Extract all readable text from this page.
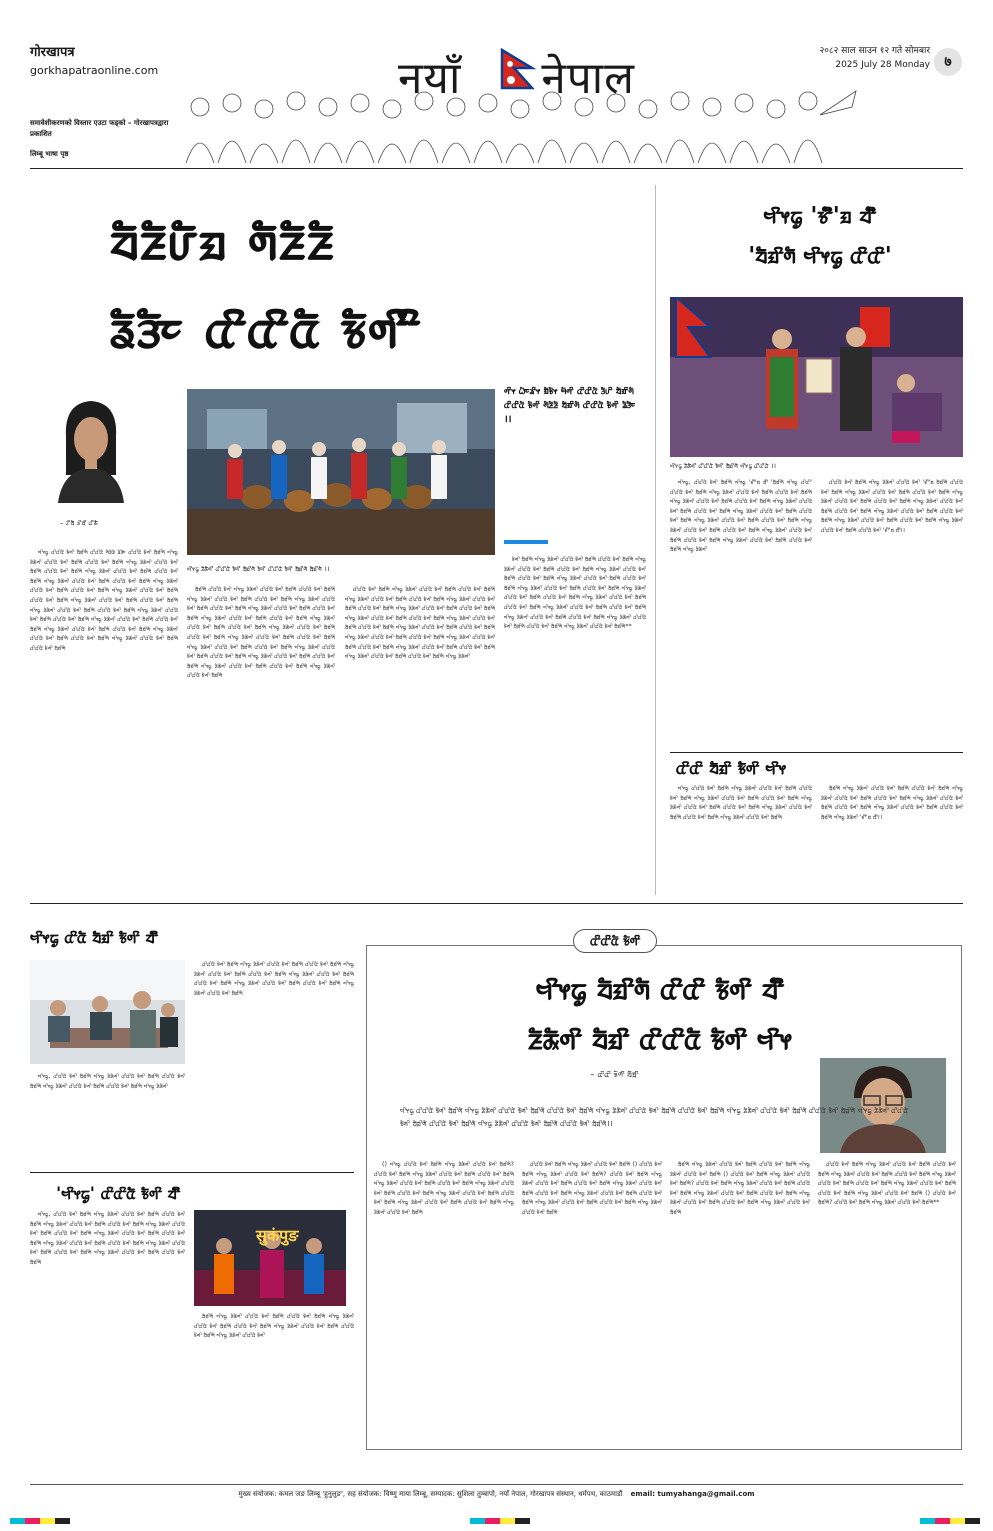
गोरखापत्र
gorkhapatraonline.com
समावेशीकरणको विस्तार एउटा फड्को – गोरखापत्रद्वारा प्रकाशित
लिम्बू भाषा पृष्ठ
नयाँ नेपाल
२०८२ साल साउन १२ गते सोमबार
2025 July 28 Monday	७
ᤔᤠᤏᤠᤙᤠᤀ ᤛᤠᤏᤠᤏᤠ
ᤕᤠᤋᤠᤰ ᤂᤡᤂᤡᤂᤠ ᤃᤠᤛᤡᤡ
– ᤁᤡᤔᤠ ᤍᤡᤔᤡ ᤂᤡᤊᤠ
ᤗᤡᤶᤒᤢ ᤏᤠᤊᤠᤛᤡ ᤂᤡᤂᤡᤂᤠ ᤃᤠᤛᤡ ᤔᤠᤀᤡᤛᤠ ᤃᤠᤛᤡ ᤂᤡᤂᤡᤂᤠ ᤃᤠᤛᤡ ᤔᤠᤀᤡᤛᤠ ᤔᤠᤀᤡᤛᤠ ।।
ᤛᤡᤶ ᤐᤠᤰᤕᤡᤶ ᤀᤠᤃᤠᤶ ᤗᤠᤛᤡ ᤂᤡᤂᤡᤂᤠ ᤋᤠᤙᤡ ᤔᤠᤀᤡᤛᤠ ᤂᤡᤂᤡᤂᤠ ᤃᤠᤛᤡ ᤛᤠᤏᤠᤏᤠ ᤔᤠᤀᤡᤛᤠ ᤂᤡᤂᤡᤂᤠ ᤃᤠᤛᤡ ᤕᤠᤋᤠᤰ ।।

ᤗᤡᤶᤒᤢ ᤂᤡᤂᤡᤂᤠ ᤃᤠᤛᤡ ᤔᤠᤀᤡᤛᤠ ᤂᤡᤂᤡᤂᤠ ᤛᤠᤏᤠᤏᤠ ᤕᤠᤋᤠᤰ ᤂᤡᤂᤡᤂᤠ ᤃᤠᤛᤡ ᤔᤠᤀᤡᤛᤠ ᤗᤡᤶᤒᤢ ᤏᤠᤊᤠᤛᤡ ᤂᤡᤂᤡᤂᤠ ᤃᤠᤛᤡ ᤔᤠᤀᤡᤛᤠ ᤂᤡᤂᤡᤂᤠ ᤃᤠᤛᤡ ᤔᤠᤀᤡᤛᤠ ᤗᤡᤶᤒᤢ ᤏᤠᤊᤠᤛᤡ ᤂᤡᤂᤡᤂᤠ ᤃᤠᤛᤡ ᤔᤠᤀᤡᤛᤠ ᤂᤡᤂᤡᤂᤠ ᤃᤠᤛᤡ ᤔᤠᤀᤡᤛᤠ ᤗᤡᤶᤒᤢ ᤏᤠᤊᤠᤛᤡ ᤂᤡᤂᤡᤂᤠ ᤃᤠᤛᤡ ᤔᤠᤀᤡᤛᤠ ᤂᤡᤂᤡᤂᤠ ᤃᤠᤛᤡ ᤔᤠᤀᤡᤛᤠ ᤗᤡᤶᤒᤢ ᤏᤠᤊᤠᤛᤡ ᤂᤡᤂᤡᤂᤠ ᤃᤠᤛᤡ ᤔᤠᤀᤡᤛᤠ ᤂᤡᤂᤡᤂᤠ ᤃᤠᤛᤡ ᤔᤠᤀᤡᤛᤠ ᤗᤡᤶᤒᤢ ᤏᤠᤊᤠᤛᤡ ᤂᤡᤂᤡᤂᤠ ᤃᤠᤛᤡ ᤔᤠᤀᤡᤛᤠ ᤂᤡᤂᤡᤂᤠ ᤃᤠᤛᤡ ᤔᤠᤀᤡᤛᤠ ᤗᤡᤶᤒᤢ ᤏᤠᤊᤠᤛᤡ ᤂᤡᤂᤡᤂᤠ ᤃᤠᤛᤡ ᤔᤠᤀᤡᤛᤠ ᤂᤡᤂᤡᤂᤠ ᤃᤠᤛᤡ ᤔᤠᤀᤡᤛᤠ ᤗᤡᤶᤒᤢ ᤏᤠᤊᤠᤛᤡ ᤂᤡᤂᤡᤂᤠ ᤃᤠᤛᤡ ᤔᤠᤀᤡᤛᤠ ᤂᤡᤂᤡᤂᤠ ᤃᤠᤛᤡ ᤔᤠᤀᤡᤛᤠ ᤗᤡᤶᤒᤢ ᤏᤠᤊᤠᤛᤡ ᤂᤡᤂᤡᤂᤠ ᤃᤠᤛᤡ ᤔᤠᤀᤡᤛᤠ ᤂᤡᤂᤡᤂᤠ ᤃᤠᤛᤡ ᤔᤠᤀᤡᤛᤠ ᤗᤡᤶᤒᤢ ᤏᤠᤊᤠᤛᤡ ᤂᤡᤂᤡᤂᤠ ᤃᤠᤛᤡ ᤔᤠᤀᤡᤛᤠ ᤂᤡᤂᤡᤂᤠ ᤃᤠᤛᤡ ᤔᤠᤀᤡᤛᤠ ᤗᤡᤶᤒᤢ ᤏᤠᤊᤠᤛᤡ ᤂᤡᤂᤡᤂᤠ ᤃᤠᤛᤡ ᤔᤠᤀᤡᤛᤠ ᤂᤡᤂᤡᤂᤠ ᤃᤠᤛᤡ ᤔᤠᤀᤡᤛᤠ ᤗᤡᤶᤒᤢ ᤏᤠᤊᤠᤛᤡ ᤂᤡᤂᤡᤂᤠ ᤃᤠᤛᤡ ᤔᤠᤀᤡᤛᤠ ᤂᤡᤂᤡᤂᤠ ᤃᤠᤛᤡ ᤔᤠᤀᤡᤛᤠ ᤗᤡᤶᤒᤢ ᤏᤠᤊᤠᤛᤡ ᤂᤡᤂᤡᤂᤠ ᤃᤠᤛᤡ ᤔᤠᤀᤡᤛᤠ ᤂᤡᤂᤡᤂᤠ ᤃᤠᤛᤡ ᤔᤠᤀᤡᤛᤠ ᤗᤡᤶᤒᤢ ᤏᤠᤊᤠᤛᤡ ᤂᤡᤂᤡᤂᤠ ᤃᤠᤛᤡ ᤔᤠᤀᤡᤛᤠ ᤂᤡᤂᤡᤂᤠ ᤃᤠᤛᤡ ᤔᤠᤀᤡᤛᤠ

ᤔᤠᤀᤡᤛᤠ ᤂᤡᤂᤡᤂᤠ ᤃᤠᤛᤡ ᤗᤡᤶᤒᤢ ᤏᤠᤊᤠᤛᤡ ᤂᤡᤂᤡᤂᤠ ᤃᤠᤛᤡ ᤔᤠᤀᤡᤛᤠ ᤂᤡᤂᤡᤂᤠ ᤃᤠᤛᤡ ᤔᤠᤀᤡᤛᤠ ᤗᤡᤶᤒᤢ ᤏᤠᤊᤠᤛᤡ ᤂᤡᤂᤡᤂᤠ ᤃᤠᤛᤡ ᤔᤠᤀᤡᤛᤠ ᤂᤡᤂᤡᤂᤠ ᤃᤠᤛᤡ ᤔᤠᤀᤡᤛᤠ ᤗᤡᤶᤒᤢ ᤏᤠᤊᤠᤛᤡ ᤂᤡᤂᤡᤂᤠ ᤃᤠᤛᤡ ᤔᤠᤀᤡᤛᤠ ᤂᤡᤂᤡᤂᤠ ᤃᤠᤛᤡ ᤔᤠᤀᤡᤛᤠ ᤗᤡᤶᤒᤢ ᤏᤠᤊᤠᤛᤡ ᤂᤡᤂᤡᤂᤠ ᤃᤠᤛᤡ ᤔᤠᤀᤡᤛᤠ ᤂᤡᤂᤡᤂᤠ ᤃᤠᤛᤡ ᤔᤠᤀᤡᤛᤠ ᤗᤡᤶᤒᤢ ᤏᤠᤊᤠᤛᤡ ᤂᤡᤂᤡᤂᤠ ᤃᤠᤛᤡ ᤔᤠᤀᤡᤛᤠ ᤂᤡᤂᤡᤂᤠ ᤃᤠᤛᤡ ᤔᤠᤀᤡᤛᤠ ᤗᤡᤶᤒᤢ ᤏᤠᤊᤠᤛᤡ ᤂᤡᤂᤡᤂᤠ ᤃᤠᤛᤡ ᤔᤠᤀᤡᤛᤠ ᤂᤡᤂᤡᤂᤠ ᤃᤠᤛᤡ ᤔᤠᤀᤡᤛᤠ ᤗᤡᤶᤒᤢ ᤏᤠᤊᤠᤛᤡ ᤂᤡᤂᤡᤂᤠ ᤃᤠᤛᤡ ᤔᤠᤀᤡᤛᤠ ᤂᤡᤂᤡᤂᤠ ᤃᤠᤛᤡ ᤔᤠᤀᤡᤛᤠ ᤗᤡᤶᤒᤢ ᤏᤠᤊᤠᤛᤡ ᤂᤡᤂᤡᤂᤠ ᤃᤠᤛᤡ ᤔᤠᤀᤡᤛᤠ ᤂᤡᤂᤡᤂᤠ ᤃᤠᤛᤡ ᤔᤠᤀᤡᤛᤠ ᤗᤡᤶᤒᤢ ᤏᤠᤊᤠᤛᤡ ᤂᤡᤂᤡᤂᤠ ᤃᤠᤛᤡ ᤔᤠᤀᤡᤛᤠ ᤂᤡᤂᤡᤂᤠ ᤃᤠᤛᤡ ᤔᤠᤀᤡᤛᤠ ᤗᤡᤶᤒᤢ ᤏᤠᤊᤠᤛᤡ ᤂᤡᤂᤡᤂᤠ ᤃᤠᤛᤡ ᤔᤠᤀᤡᤛᤠ ᤂᤡᤂᤡᤂᤠ ᤃᤠᤛᤡ ᤔᤠᤀᤡᤛᤠ ᤗᤡᤶᤒᤢ ᤏᤠᤊᤠᤛᤡ ᤂᤡᤂᤡᤂᤠ ᤃᤠᤛᤡ ᤔᤠᤀᤡᤛᤠ ᤂᤡᤂᤡᤂᤠ ᤃᤠᤛᤡ ᤔᤠᤀᤡᤛᤠ ᤗᤡᤶᤒᤢ ᤏᤠᤊᤠᤛᤡ ᤂᤡᤂᤡᤂᤠ ᤃᤠᤛᤡ ᤔᤠᤀᤡᤛᤠ ᤂᤡᤂᤡᤂᤠ ᤃᤠᤛᤡ ᤔᤠᤀᤡᤛᤠ ᤗᤡᤶᤒᤢ ᤏᤠᤊᤠᤛᤡ ᤂᤡᤂᤡᤂᤠ ᤃᤠᤛᤡ ᤔᤠᤀᤡᤛᤠ

ᤂᤡᤂᤡᤂᤠ ᤃᤠᤛᤡ ᤔᤠᤀᤡᤛᤠ ᤗᤡᤶᤒᤢ ᤏᤠᤊᤠᤛᤡ ᤂᤡᤂᤡᤂᤠ ᤃᤠᤛᤡ ᤔᤠᤀᤡᤛᤠ ᤂᤡᤂᤡᤂᤠ ᤃᤠᤛᤡ ᤔᤠᤀᤡᤛᤠ ᤗᤡᤶᤒᤢ ᤏᤠᤊᤠᤛᤡ ᤂᤡᤂᤡᤂᤠ ᤃᤠᤛᤡ ᤔᤠᤀᤡᤛᤠ ᤂᤡᤂᤡᤂᤠ ᤃᤠᤛᤡ ᤔᤠᤀᤡᤛᤠ ᤗᤡᤶᤒᤢ ᤏᤠᤊᤠᤛᤡ ᤂᤡᤂᤡᤂᤠ ᤃᤠᤛᤡ ᤔᤠᤀᤡᤛᤠ ᤂᤡᤂᤡᤂᤠ ᤃᤠᤛᤡ ᤔᤠᤀᤡᤛᤠ ᤗᤡᤶᤒᤢ ᤏᤠᤊᤠᤛᤡ ᤂᤡᤂᤡᤂᤠ ᤃᤠᤛᤡ ᤔᤠᤀᤡᤛᤠ ᤂᤡᤂᤡᤂᤠ ᤃᤠᤛᤡ ᤔᤠᤀᤡᤛᤠ ᤗᤡᤶᤒᤢ ᤏᤠᤊᤠᤛᤡ ᤂᤡᤂᤡᤂᤠ ᤃᤠᤛᤡ ᤔᤠᤀᤡᤛᤠ ᤂᤡᤂᤡᤂᤠ ᤃᤠᤛᤡ ᤔᤠᤀᤡᤛᤠ ᤗᤡᤶᤒᤢ ᤏᤠᤊᤠᤛᤡ ᤂᤡᤂᤡᤂᤠ ᤃᤠᤛᤡ ᤔᤠᤀᤡᤛᤠ ᤂᤡᤂᤡᤂᤠ ᤃᤠᤛᤡ ᤔᤠᤀᤡᤛᤠ ᤗᤡᤶᤒᤢ ᤏᤠᤊᤠᤛᤡ ᤂᤡᤂᤡᤂᤠ ᤃᤠᤛᤡ ᤔᤠᤀᤡᤛᤠ ᤂᤡᤂᤡᤂᤠ ᤃᤠᤛᤡ ᤔᤠᤀᤡᤛᤠ ᤗᤡᤶᤒᤢ ᤏᤠᤊᤠᤛᤡ ᤂᤡᤂᤡᤂᤠ ᤃᤠᤛᤡ ᤔᤠᤀᤡᤛᤠ ᤂᤡᤂᤡᤂᤠ ᤃᤠᤛᤡ ᤔᤠᤀᤡᤛᤠ ᤗᤡᤶᤒᤢ ᤏᤠᤊᤠᤛᤡ ᤂᤡᤂᤡᤂᤠ ᤃᤠᤛᤡ ᤔᤠᤀᤡᤛᤠ ᤂᤡᤂᤡᤂᤠ ᤃᤠᤛᤡ ᤔᤠᤀᤡᤛᤠ ᤗᤡᤶᤒᤢ ᤏᤠᤊᤠᤛᤡ ᤂᤡᤂᤡᤂᤠ ᤃᤠᤛᤡ ᤔᤠᤀᤡᤛᤠ ᤂᤡᤂᤡᤂᤠ ᤃᤠᤛᤡ ᤔᤠᤀᤡᤛᤠ ᤗᤡᤶᤒᤢ ᤏᤠᤊᤠᤛᤡ ᤂᤡᤂᤡᤂᤠ ᤃᤠᤛᤡ ᤔᤠᤀᤡᤛᤠ ᤂᤡᤂᤡᤂᤠ ᤃᤠᤛᤡ ᤔᤠᤀᤡᤛᤠ ᤗᤡᤶᤒᤢ ᤏᤠᤊᤠᤛᤡ

ᤃᤠᤛᤡ ᤔᤠᤀᤡᤛᤠ ᤗᤡᤶᤒᤢ ᤏᤠᤊᤠᤛᤡ ᤂᤡᤂᤡᤂᤠ ᤃᤠᤛᤡ ᤔᤠᤀᤡᤛᤠ ᤂᤡᤂᤡᤂᤠ ᤃᤠᤛᤡ ᤔᤠᤀᤡᤛᤠ ᤗᤡᤶᤒᤢ ᤏᤠᤊᤠᤛᤡ ᤂᤡᤂᤡᤂᤠ ᤃᤠᤛᤡ ᤔᤠᤀᤡᤛᤠ ᤂᤡᤂᤡᤂᤠ ᤃᤠᤛᤡ ᤔᤠᤀᤡᤛᤠ ᤗᤡᤶᤒᤢ ᤏᤠᤊᤠᤛᤡ ᤂᤡᤂᤡᤂᤠ ᤃᤠᤛᤡ ᤔᤠᤀᤡᤛᤠ ᤂᤡᤂᤡᤂᤠ ᤃᤠᤛᤡ ᤔᤠᤀᤡᤛᤠ ᤗᤡᤶᤒᤢ ᤏᤠᤊᤠᤛᤡ ᤂᤡᤂᤡᤂᤠ ᤃᤠᤛᤡ ᤔᤠᤀᤡᤛᤠ ᤂᤡᤂᤡᤂᤠ ᤃᤠᤛᤡ ᤔᤠᤀᤡᤛᤠ ᤗᤡᤶᤒᤢ ᤏᤠᤊᤠᤛᤡ ᤂᤡᤂᤡᤂᤠ ᤃᤠᤛᤡ ᤔᤠᤀᤡᤛᤠ ᤂᤡᤂᤡᤂᤠ ᤃᤠᤛᤡ ᤔᤠᤀᤡᤛᤠ ᤗᤡᤶᤒᤢ ᤏᤠᤊᤠᤛᤡ ᤂᤡᤂᤡᤂᤠ ᤃᤠᤛᤡ ᤔᤠᤀᤡᤛᤠ ᤂᤡᤂᤡᤂᤠ ᤃᤠᤛᤡ ᤔᤠᤀᤡᤛᤠ ᤗᤡᤶᤒᤢ ᤏᤠᤊᤠᤛᤡ ᤂᤡᤂᤡᤂᤠ ᤃᤠᤛᤡ ᤔᤠᤀᤡᤛᤠ ᤂᤡᤂᤡᤂᤠ ᤃᤠᤛᤡ ᤔᤠᤀᤡᤛᤠ ᤗᤡᤶᤒᤢ ᤏᤠᤊᤠᤛᤡ ᤂᤡᤂᤡᤂᤠ ᤃᤠᤛᤡ ᤔᤠᤀᤡᤛᤠ ᤂᤡᤂᤡᤂᤠ ᤃᤠᤛᤡ ᤔᤠᤀᤡᤛᤠ ᤗᤡᤶᤒᤢ ᤏᤠᤊᤠᤛᤡ ᤂᤡᤂᤡᤂᤠ ᤃᤠᤛᤡ ᤔᤠᤀᤡᤛᤠ ᤂᤡᤂᤡᤂᤠ ᤃᤠᤛᤡ ᤔᤠᤀᤡᤛᤠ ᤗᤡᤶᤒᤢ ᤏᤠᤊᤠᤛᤡ ᤂᤡᤂᤡᤂᤠ ᤃᤠᤛᤡ ᤔᤠᤀᤡᤛᤠ ᤂᤡᤂᤡᤂᤠ ᤃᤠᤛᤡ ᤔᤠᤀᤡᤛᤠ ᤗᤡᤶᤒᤢ ᤏᤠᤊᤠᤛᤡ ᤂᤡᤂᤡᤂᤠ ᤃᤠᤛᤡ ᤔᤠᤀᤡᤛᤠ**

ᤗᤡᤶᤒᤢ 'ᤃᤡᤠ'ᤀ ᤔᤡᤠ
'ᤔᤠᤀᤡᤛᤠ ᤗᤡᤶᤒᤢ ᤂᤡᤂᤡ'
ᤗᤡᤶᤒᤢ ᤏᤠᤊᤠᤛᤡ ᤂᤡᤂᤡᤂᤠ ᤃᤠᤛᤡ ᤔᤠᤀᤡᤛᤠ ᤗᤡᤶᤒᤢ ᤂᤡᤂᤡᤂᤠ ।।

ᤗᤡᤶᤒᤢ, ᤂᤡᤂᤡᤂᤠ ᤃᤠᤛᤡ ᤔᤠᤀᤡᤛᤠ ᤗᤡᤶᤒᤢ 'ᤃᤡᤠ'ᤀ ᤔᤡᤠ 'ᤔᤠᤀᤡᤛᤠ ᤗᤡᤶᤒᤢ ᤂᤡᤂᤡ' ᤂᤡᤂᤡᤂᤠ ᤃᤠᤛᤡ ᤔᤠᤀᤡᤛᤠ ᤗᤡᤶᤒᤢ ᤏᤠᤊᤠᤛᤡ ᤂᤡᤂᤡᤂᤠ ᤃᤠᤛᤡ ᤔᤠᤀᤡᤛᤠ ᤂᤡᤂᤡᤂᤠ ᤃᤠᤛᤡ ᤔᤠᤀᤡᤛᤠ ᤗᤡᤶᤒᤢ ᤏᤠᤊᤠᤛᤡ ᤂᤡᤂᤡᤂᤠ ᤃᤠᤛᤡ ᤔᤠᤀᤡᤛᤠ ᤂᤡᤂᤡᤂᤠ ᤃᤠᤛᤡ ᤔᤠᤀᤡᤛᤠ ᤗᤡᤶᤒᤢ ᤏᤠᤊᤠᤛᤡ ᤂᤡᤂᤡᤂᤠ ᤃᤠᤛᤡ ᤔᤠᤀᤡᤛᤠ ᤂᤡᤂᤡᤂᤠ ᤃᤠᤛᤡ ᤔᤠᤀᤡᤛᤠ ᤗᤡᤶᤒᤢ ᤏᤠᤊᤠᤛᤡ ᤂᤡᤂᤡᤂᤠ ᤃᤠᤛᤡ ᤔᤠᤀᤡᤛᤠ ᤂᤡᤂᤡᤂᤠ ᤃᤠᤛᤡ ᤔᤠᤀᤡᤛᤠ ᤗᤡᤶᤒᤢ ᤏᤠᤊᤠᤛᤡ ᤂᤡᤂᤡᤂᤠ ᤃᤠᤛᤡ ᤔᤠᤀᤡᤛᤠ ᤂᤡᤂᤡᤂᤠ ᤃᤠᤛᤡ ᤔᤠᤀᤡᤛᤠ ᤗᤡᤶᤒᤢ ᤏᤠᤊᤠᤛᤡ ᤂᤡᤂᤡᤂᤠ ᤃᤠᤛᤡ ᤔᤠᤀᤡᤛᤠ ᤂᤡᤂᤡᤂᤠ ᤃᤠᤛᤡ ᤔᤠᤀᤡᤛᤠ ᤗᤡᤶᤒᤢ ᤏᤠᤊᤠᤛᤡ ᤂᤡᤂᤡᤂᤠ ᤃᤠᤛᤡ ᤔᤠᤀᤡᤛᤠ ᤂᤡᤂᤡᤂᤠ ᤃᤠᤛᤡ ᤔᤠᤀᤡᤛᤠ ᤗᤡᤶᤒᤢ ᤏᤠᤊᤠᤛᤡ ᤂᤡᤂᤡᤂᤠ ᤃᤠᤛᤡ ᤔᤠᤀᤡᤛᤠ ᤂᤡᤂᤡᤂᤠ ᤃᤠᤛᤡ ᤔᤠᤀᤡᤛᤠ ᤗᤡᤶᤒᤢ ᤏᤠᤊᤠᤛᤡ

ᤂᤡᤂᤡᤂᤠ ᤃᤠᤛᤡ ᤔᤠᤀᤡᤛᤠ ᤗᤡᤶᤒᤢ ᤏᤠᤊᤠᤛᤡ ᤂᤡᤂᤡᤂᤠ ᤃᤠᤛᤡ 'ᤃᤡᤠ'ᤀ ᤔᤠᤀᤡᤛᤠ ᤂᤡᤂᤡᤂᤠ ᤃᤠᤛᤡ ᤔᤠᤀᤡᤛᤠ ᤗᤡᤶᤒᤢ ᤏᤠᤊᤠᤛᤡ ᤂᤡᤂᤡᤂᤠ ᤃᤠᤛᤡ ᤔᤠᤀᤡᤛᤠ ᤂᤡᤂᤡᤂᤠ ᤃᤠᤛᤡ ᤔᤠᤀᤡᤛᤠ ᤗᤡᤶᤒᤢ ᤏᤠᤊᤠᤛᤡ ᤂᤡᤂᤡᤂᤠ ᤃᤠᤛᤡ ᤔᤠᤀᤡᤛᤠ ᤂᤡᤂᤡᤂᤠ ᤃᤠᤛᤡ ᤔᤠᤀᤡᤛᤠ ᤗᤡᤶᤒᤢ ᤏᤠᤊᤠᤛᤡ ᤂᤡᤂᤡᤂᤠ ᤃᤠᤛᤡ ᤔᤠᤀᤡᤛᤠ ᤂᤡᤂᤡᤂᤠ ᤃᤠᤛᤡ ᤔᤠᤀᤡᤛᤠ ᤗᤡᤶᤒᤢ ᤏᤠᤊᤠᤛᤡ ᤂᤡᤂᤡᤂᤠ ᤃᤠᤛᤡ ᤔᤠᤀᤡᤛᤠ ᤂᤡᤂᤡᤂᤠ ᤃᤠᤛᤡ ᤔᤠᤀᤡᤛᤠ ᤗᤡᤶᤒᤢ ᤏᤠᤊᤠᤛᤡ ᤂᤡᤂᤡᤂᤠ ᤃᤠᤛᤡ ᤔᤠᤀᤡᤛᤠ ᤂᤡᤂᤡᤂᤠ ᤃᤠᤛᤡ ᤔᤠᤀᤡᤛᤠ ᤗᤡᤶᤒᤢ ᤏᤠᤊᤠᤛᤡ ᤂᤡᤂᤡᤂᤠ ᤃᤠᤛᤡ ᤔᤠᤀᤡᤛᤠ ᤂᤡᤂᤡᤂᤠ ᤃᤠᤛᤡ 'ᤃᤡᤠ'ᤀ ᤔᤡᤠ।।

ᤂᤡᤂᤡ ᤔᤠᤀᤡ ᤃᤠᤛᤡ ᤗᤡᤶ

ᤗᤡᤶᤒᤢ ᤂᤡᤂᤡᤂᤠ ᤃᤠᤛᤡ ᤔᤠᤀᤡᤛᤠ ᤗᤡᤶᤒᤢ ᤏᤠᤊᤠᤛᤡ ᤂᤡᤂᤡᤂᤠ ᤃᤠᤛᤡ ᤔᤠᤀᤡᤛᤠ ᤂᤡᤂᤡᤂᤠ ᤃᤠᤛᤡ ᤔᤠᤀᤡᤛᤠ ᤗᤡᤶᤒᤢ ᤏᤠᤊᤠᤛᤡ ᤂᤡᤂᤡᤂᤠ ᤃᤠᤛᤡ ᤔᤠᤀᤡᤛᤠ ᤂᤡᤂᤡᤂᤠ ᤃᤠᤛᤡ ᤔᤠᤀᤡᤛᤠ ᤗᤡᤶᤒᤢ ᤏᤠᤊᤠᤛᤡ ᤂᤡᤂᤡᤂᤠ ᤃᤠᤛᤡ ᤔᤠᤀᤡᤛᤠ ᤂᤡᤂᤡᤂᤠ ᤃᤠᤛᤡ ᤔᤠᤀᤡᤛᤠ ᤗᤡᤶᤒᤢ ᤏᤠᤊᤠᤛᤡ ᤂᤡᤂᤡᤂᤠ ᤃᤠᤛᤡ ᤔᤠᤀᤡᤛᤠ ᤂᤡᤂᤡᤂᤠ ᤃᤠᤛᤡ ᤔᤠᤀᤡᤛᤠ ᤗᤡᤶᤒᤢ ᤏᤠᤊᤠᤛᤡ ᤂᤡᤂᤡᤂᤠ ᤃᤠᤛᤡ ᤔᤠᤀᤡᤛᤠ

ᤔᤠᤀᤡᤛᤠ ᤗᤡᤶᤒᤢ ᤏᤠᤊᤠᤛᤡ ᤂᤡᤂᤡᤂᤠ ᤃᤠᤛᤡ ᤔᤠᤀᤡᤛᤠ ᤂᤡᤂᤡᤂᤠ ᤃᤠᤛᤡ ᤔᤠᤀᤡᤛᤠ ᤗᤡᤶᤒᤢ ᤏᤠᤊᤠᤛᤡ ᤂᤡᤂᤡᤂᤠ ᤃᤠᤛᤡ ᤔᤠᤀᤡᤛᤠ ᤂᤡᤂᤡᤂᤠ ᤃᤠᤛᤡ ᤔᤠᤀᤡᤛᤠ ᤗᤡᤶᤒᤢ ᤏᤠᤊᤠᤛᤡ ᤂᤡᤂᤡᤂᤠ ᤃᤠᤛᤡ ᤔᤠᤀᤡᤛᤠ ᤂᤡᤂᤡᤂᤠ ᤃᤠᤛᤡ ᤔᤠᤀᤡᤛᤠ ᤗᤡᤶᤒᤢ ᤏᤠᤊᤠᤛᤡ ᤂᤡᤂᤡᤂᤠ ᤃᤠᤛᤡ ᤔᤠᤀᤡᤛᤠ ᤂᤡᤂᤡᤂᤠ ᤃᤠᤛᤡ ᤔᤠᤀᤡᤛᤠ ᤗᤡᤶᤒᤢ ᤏᤠᤊᤠᤛᤡ 'ᤃᤡᤠ'ᤀ ᤔᤡᤠ।।

ᤗᤡᤶᤒᤢ ᤂᤡᤂᤠ ᤔᤠᤀᤡ ᤃᤠᤛᤡ ᤔᤡᤠ

ᤗᤡᤶᤒᤢ, ᤂᤡᤂᤡᤂᤠ ᤃᤠᤛᤡ ᤔᤠᤀᤡᤛᤠ ᤗᤡᤶᤒᤢ ᤏᤠᤊᤠᤛᤡ ᤂᤡᤂᤡᤂᤠ ᤃᤠᤛᤡ ᤔᤠᤀᤡᤛᤠ ᤂᤡᤂᤡᤂᤠ ᤃᤠᤛᤡ ᤔᤠᤀᤡᤛᤠ ᤗᤡᤶᤒᤢ ᤏᤠᤊᤠᤛᤡ ᤂᤡᤂᤡᤂᤠ ᤃᤠᤛᤡ ᤔᤠᤀᤡᤛᤠ ᤂᤡᤂᤡᤂᤠ ᤃᤠᤛᤡ ᤔᤠᤀᤡᤛᤠ ᤗᤡᤶᤒᤢ ᤏᤠᤊᤠᤛᤡ

ᤂᤡᤂᤡᤂᤠ ᤃᤠᤛᤡ ᤔᤠᤀᤡᤛᤠ ᤗᤡᤶᤒᤢ ᤏᤠᤊᤠᤛᤡ ᤂᤡᤂᤡᤂᤠ ᤃᤠᤛᤡ ᤔᤠᤀᤡᤛᤠ ᤂᤡᤂᤡᤂᤠ ᤃᤠᤛᤡ ᤔᤠᤀᤡᤛᤠ ᤗᤡᤶᤒᤢ ᤏᤠᤊᤠᤛᤡ ᤂᤡᤂᤡᤂᤠ ᤃᤠᤛᤡ ᤔᤠᤀᤡᤛᤠ ᤂᤡᤂᤡᤂᤠ ᤃᤠᤛᤡ ᤔᤠᤀᤡᤛᤠ ᤗᤡᤶᤒᤢ ᤏᤠᤊᤠᤛᤡ ᤂᤡᤂᤡᤂᤠ ᤃᤠᤛᤡ ᤔᤠᤀᤡᤛᤠ ᤂᤡᤂᤡᤂᤠ ᤃᤠᤛᤡ ᤔᤠᤀᤡᤛᤠ ᤗᤡᤶᤒᤢ ᤏᤠᤊᤠᤛᤡ ᤂᤡᤂᤡᤂᤠ ᤃᤠᤛᤡ ᤔᤠᤀᤡᤛᤠ ᤂᤡᤂᤡᤂᤠ ᤃᤠᤛᤡ ᤔᤠᤀᤡᤛᤠ ᤗᤡᤶᤒᤢ ᤏᤠᤊᤠᤛᤡ ᤂᤡᤂᤡᤂᤠ ᤃᤠᤛᤡ ᤔᤠᤀᤡᤛᤠ

'ᤗᤡᤶᤒᤢ' ᤂᤡᤂᤡᤂᤠ ᤃᤠᤛᤡ ᤔᤡᤠ

ᤗᤡᤶᤒᤢ, ᤂᤡᤂᤡᤂᤠ ᤃᤠᤛᤡ ᤔᤠᤀᤡᤛᤠ ᤗᤡᤶᤒᤢ ᤏᤠᤊᤠᤛᤡ ᤂᤡᤂᤡᤂᤠ ᤃᤠᤛᤡ ᤔᤠᤀᤡᤛᤠ ᤂᤡᤂᤡᤂᤠ ᤃᤠᤛᤡ ᤔᤠᤀᤡᤛᤠ ᤗᤡᤶᤒᤢ ᤏᤠᤊᤠᤛᤡ ᤂᤡᤂᤡᤂᤠ ᤃᤠᤛᤡ ᤔᤠᤀᤡᤛᤠ ᤂᤡᤂᤡᤂᤠ ᤃᤠᤛᤡ ᤔᤠᤀᤡᤛᤠ ᤗᤡᤶᤒᤢ ᤏᤠᤊᤠᤛᤡ ᤂᤡᤂᤡᤂᤠ ᤃᤠᤛᤡ ᤔᤠᤀᤡᤛᤠ ᤂᤡᤂᤡᤂᤠ ᤃᤠᤛᤡ ᤔᤠᤀᤡᤛᤠ ᤗᤡᤶᤒᤢ ᤏᤠᤊᤠᤛᤡ ᤂᤡᤂᤡᤂᤠ ᤃᤠᤛᤡ ᤔᤠᤀᤡᤛᤠ ᤂᤡᤂᤡᤂᤠ ᤃᤠᤛᤡ ᤔᤠᤀᤡᤛᤠ ᤗᤡᤶᤒᤢ ᤏᤠᤊᤠᤛᤡ ᤂᤡᤂᤡᤂᤠ ᤃᤠᤛᤡ ᤔᤠᤀᤡᤛᤠ ᤂᤡᤂᤡᤂᤠ ᤃᤠᤛᤡ ᤔᤠᤀᤡᤛᤠ ᤗᤡᤶᤒᤢ ᤏᤠᤊᤠᤛᤡ ᤂᤡᤂᤡᤂᤠ ᤃᤠᤛᤡ ᤔᤠᤀᤡᤛᤠ ᤂᤡᤂᤡᤂᤠ ᤃᤠᤛᤡ ᤔᤠᤀᤡᤛᤠ ᤗᤡᤶᤒᤢ ᤏᤠᤊᤠᤛᤡ ᤂᤡᤂᤡᤂᤠ ᤃᤠᤛᤡ ᤔᤠᤀᤡᤛᤠ ᤂᤡᤂᤡᤂᤠ ᤃᤠᤛᤡ ᤔᤠᤀᤡᤛᤠ

सुकंपुङ

ᤔᤠᤀᤡᤛᤠ ᤗᤡᤶᤒᤢ ᤏᤠᤊᤠᤛᤡ ᤂᤡᤂᤡᤂᤠ ᤃᤠᤛᤡ ᤔᤠᤀᤡᤛᤠ ᤂᤡᤂᤡᤂᤠ ᤃᤠᤛᤡ ᤔᤠᤀᤡᤛᤠ ᤗᤡᤶᤒᤢ ᤏᤠᤊᤠᤛᤡ ᤂᤡᤂᤡᤂᤠ ᤃᤠᤛᤡ ᤔᤠᤀᤡᤛᤠ ᤂᤡᤂᤡᤂᤠ ᤃᤠᤛᤡ ᤔᤠᤀᤡᤛᤠ ᤗᤡᤶᤒᤢ ᤏᤠᤊᤠᤛᤡ ᤂᤡᤂᤡᤂᤠ ᤃᤠᤛᤡ ᤔᤠᤀᤡᤛᤠ ᤂᤡᤂᤡᤂᤠ ᤃᤠᤛᤡ ᤔᤠᤀᤡᤛᤠ ᤗᤡᤶᤒᤢ ᤏᤠᤊᤠᤛᤡ ᤂᤡᤂᤡᤂᤠ ᤃᤠᤛᤡ

ᤂᤡᤂᤡᤂᤠ ᤃᤠᤛᤡ
ᤗᤡᤶᤒᤢ ᤔᤠᤀᤡᤛᤠ ᤂᤡᤂᤡ ᤃᤠᤛᤡ ᤔᤡᤠ
ᤏᤠᤊᤠᤛᤡ ᤔᤠᤀᤡ ᤂᤡᤂᤡᤂᤠ ᤃᤠᤛᤡ ᤗᤡᤶ
– ᤂᤡᤂᤡ ᤃᤠᤛᤡ ᤔᤠᤀᤡ
ᤗᤡᤶᤒᤢ ᤂᤡᤂᤡᤂᤠ ᤃᤠᤛᤡ ᤔᤠᤀᤡᤛᤠ ᤗᤡᤶᤒᤢ ᤏᤠᤊᤠᤛᤡ ᤂᤡᤂᤡᤂᤠ ᤃᤠᤛᤡ ᤔᤠᤀᤡᤛᤠ ᤂᤡᤂᤡᤂᤠ ᤃᤠᤛᤡ ᤔᤠᤀᤡᤛᤠ ᤗᤡᤶᤒᤢ ᤏᤠᤊᤠᤛᤡ ᤂᤡᤂᤡᤂᤠ ᤃᤠᤛᤡ ᤔᤠᤀᤡᤛᤠ ᤂᤡᤂᤡᤂᤠ ᤃᤠᤛᤡ ᤔᤠᤀᤡᤛᤠ ᤗᤡᤶᤒᤢ ᤏᤠᤊᤠᤛᤡ ᤂᤡᤂᤡᤂᤠ ᤃᤠᤛᤡ ᤔᤠᤀᤡᤛᤠ ᤂᤡᤂᤡᤂᤠ ᤃᤠᤛᤡ ᤔᤠᤀᤡᤛᤠ ᤗᤡᤶᤒᤢ ᤏᤠᤊᤠᤛᤡ ᤂᤡᤂᤡᤂᤠ ᤃᤠᤛᤡ ᤔᤠᤀᤡᤛᤠ ᤂᤡᤂᤡᤂᤠ ᤃᤠᤛᤡ ᤔᤠᤀᤡᤛᤠ ᤗᤡᤶᤒᤢ ᤏᤠᤊᤠᤛᤡ ᤂᤡᤂᤡᤂᤠ ᤃᤠᤛᤡ ᤔᤠᤀᤡᤛᤠ ᤂᤡᤂᤡᤂᤠ ᤃᤠᤛᤡ ᤔᤠᤀᤡᤛᤠ।।

() ᤗᤡᤶᤒᤢ ᤂᤡᤂᤡᤂᤠ ᤃᤠᤛᤡ ᤔᤠᤀᤡᤛᤠ ᤗᤡᤶᤒᤢ ᤏᤠᤊᤠᤛᤡ ᤂᤡᤂᤡᤂᤠ ᤃᤠᤛᤡ ᤔᤠᤀᤡᤛᤠ? ᤂᤡᤂᤡᤂᤠ ᤃᤠᤛᤡ ᤔᤠᤀᤡᤛᤠ ᤗᤡᤶᤒᤢ ᤏᤠᤊᤠᤛᤡ ᤂᤡᤂᤡᤂᤠ ᤃᤠᤛᤡ ᤔᤠᤀᤡᤛᤠ ᤂᤡᤂᤡᤂᤠ ᤃᤠᤛᤡ ᤔᤠᤀᤡᤛᤠ ᤗᤡᤶᤒᤢ ᤏᤠᤊᤠᤛᤡ ᤂᤡᤂᤡᤂᤠ ᤃᤠᤛᤡ ᤔᤠᤀᤡᤛᤠ ᤂᤡᤂᤡᤂᤠ ᤃᤠᤛᤡ ᤔᤠᤀᤡᤛᤠ ᤗᤡᤶᤒᤢ ᤏᤠᤊᤠᤛᤡ ᤂᤡᤂᤡᤂᤠ ᤃᤠᤛᤡ ᤔᤠᤀᤡᤛᤠ ᤂᤡᤂᤡᤂᤠ ᤃᤠᤛᤡ ᤔᤠᤀᤡᤛᤠ ᤗᤡᤶᤒᤢ ᤏᤠᤊᤠᤛᤡ ᤂᤡᤂᤡᤂᤠ ᤃᤠᤛᤡ ᤔᤠᤀᤡᤛᤠ ᤂᤡᤂᤡᤂᤠ ᤃᤠᤛᤡ ᤔᤠᤀᤡᤛᤠ ᤗᤡᤶᤒᤢ ᤏᤠᤊᤠᤛᤡ ᤂᤡᤂᤡᤂᤠ ᤃᤠᤛᤡ ᤔᤠᤀᤡᤛᤠ ᤂᤡᤂᤡᤂᤠ ᤃᤠᤛᤡ ᤔᤠᤀᤡᤛᤠ ᤗᤡᤶᤒᤢ ᤏᤠᤊᤠᤛᤡ ᤂᤡᤂᤡᤂᤠ ᤃᤠᤛᤡ ᤔᤠᤀᤡᤛᤠ

ᤂᤡᤂᤡᤂᤠ ᤃᤠᤛᤡ ᤔᤠᤀᤡᤛᤠ ᤗᤡᤶᤒᤢ ᤏᤠᤊᤠᤛᤡ ᤂᤡᤂᤡᤂᤠ ᤃᤠᤛᤡ ᤔᤠᤀᤡᤛᤠ () ᤂᤡᤂᤡᤂᤠ ᤃᤠᤛᤡ ᤔᤠᤀᤡᤛᤠ ᤗᤡᤶᤒᤢ ᤏᤠᤊᤠᤛᤡ ᤂᤡᤂᤡᤂᤠ ᤃᤠᤛᤡ ᤔᤠᤀᤡᤛᤠ? ᤂᤡᤂᤡᤂᤠ ᤃᤠᤛᤡ ᤔᤠᤀᤡᤛᤠ ᤗᤡᤶᤒᤢ ᤏᤠᤊᤠᤛᤡ ᤂᤡᤂᤡᤂᤠ ᤃᤠᤛᤡ ᤔᤠᤀᤡᤛᤠ ᤂᤡᤂᤡᤂᤠ ᤃᤠᤛᤡ ᤔᤠᤀᤡᤛᤠ ᤗᤡᤶᤒᤢ ᤏᤠᤊᤠᤛᤡ ᤂᤡᤂᤡᤂᤠ ᤃᤠᤛᤡ ᤔᤠᤀᤡᤛᤠ ᤂᤡᤂᤡᤂᤠ ᤃᤠᤛᤡ ᤔᤠᤀᤡᤛᤠ ᤗᤡᤶᤒᤢ ᤏᤠᤊᤠᤛᤡ ᤂᤡᤂᤡᤂᤠ ᤃᤠᤛᤡ ᤔᤠᤀᤡᤛᤠ ᤂᤡᤂᤡᤂᤠ ᤃᤠᤛᤡ ᤔᤠᤀᤡᤛᤠ ᤗᤡᤶᤒᤢ ᤏᤠᤊᤠᤛᤡ ᤂᤡᤂᤡᤂᤠ ᤃᤠᤛᤡ ᤔᤠᤀᤡᤛᤠ ᤂᤡᤂᤡᤂᤠ ᤃᤠᤛᤡ ᤔᤠᤀᤡᤛᤠ ᤗᤡᤶᤒᤢ ᤏᤠᤊᤠᤛᤡ ᤂᤡᤂᤡᤂᤠ ᤃᤠᤛᤡ ᤔᤠᤀᤡᤛᤠ

ᤔᤠᤀᤡᤛᤠ ᤗᤡᤶᤒᤢ ᤏᤠᤊᤠᤛᤡ ᤂᤡᤂᤡᤂᤠ ᤃᤠᤛᤡ ᤔᤠᤀᤡᤛᤠ ᤂᤡᤂᤡᤂᤠ ᤃᤠᤛᤡ ᤔᤠᤀᤡᤛᤠ ᤗᤡᤶᤒᤢ ᤏᤠᤊᤠᤛᤡ ᤂᤡᤂᤡᤂᤠ ᤃᤠᤛᤡ ᤔᤠᤀᤡᤛᤠ () ᤂᤡᤂᤡᤂᤠ ᤃᤠᤛᤡ ᤔᤠᤀᤡᤛᤠ ᤗᤡᤶᤒᤢ ᤏᤠᤊᤠᤛᤡ ᤂᤡᤂᤡᤂᤠ ᤃᤠᤛᤡ ᤔᤠᤀᤡᤛᤠ? ᤂᤡᤂᤡᤂᤠ ᤃᤠᤛᤡ ᤔᤠᤀᤡᤛᤠ ᤗᤡᤶᤒᤢ ᤏᤠᤊᤠᤛᤡ ᤂᤡᤂᤡᤂᤠ ᤃᤠᤛᤡ ᤔᤠᤀᤡᤛᤠ ᤂᤡᤂᤡᤂᤠ ᤃᤠᤛᤡ ᤔᤠᤀᤡᤛᤠ ᤗᤡᤶᤒᤢ ᤏᤠᤊᤠᤛᤡ ᤂᤡᤂᤡᤂᤠ ᤃᤠᤛᤡ ᤔᤠᤀᤡᤛᤠ ᤂᤡᤂᤡᤂᤠ ᤃᤠᤛᤡ ᤔᤠᤀᤡᤛᤠ ᤗᤡᤶᤒᤢ ᤏᤠᤊᤠᤛᤡ ᤂᤡᤂᤡᤂᤠ ᤃᤠᤛᤡ ᤔᤠᤀᤡᤛᤠ ᤂᤡᤂᤡᤂᤠ ᤃᤠᤛᤡ ᤔᤠᤀᤡᤛᤠ ᤗᤡᤶᤒᤢ ᤏᤠᤊᤠᤛᤡ ᤂᤡᤂᤡᤂᤠ ᤃᤠᤛᤡ ᤔᤠᤀᤡᤛᤠ

ᤂᤡᤂᤡᤂᤠ ᤃᤠᤛᤡ ᤔᤠᤀᤡᤛᤠ ᤗᤡᤶᤒᤢ ᤏᤠᤊᤠᤛᤡ ᤂᤡᤂᤡᤂᤠ ᤃᤠᤛᤡ ᤔᤠᤀᤡᤛᤠ ᤂᤡᤂᤡᤂᤠ ᤃᤠᤛᤡ ᤔᤠᤀᤡᤛᤠ ᤗᤡᤶᤒᤢ ᤏᤠᤊᤠᤛᤡ ᤂᤡᤂᤡᤂᤠ ᤃᤠᤛᤡ ᤔᤠᤀᤡᤛᤠ ᤂᤡᤂᤡᤂᤠ ᤃᤠᤛᤡ ᤔᤠᤀᤡᤛᤠ ᤗᤡᤶᤒᤢ ᤏᤠᤊᤠᤛᤡ ᤂᤡᤂᤡᤂᤠ ᤃᤠᤛᤡ ᤔᤠᤀᤡᤛᤠ ᤂᤡᤂᤡᤂᤠ ᤃᤠᤛᤡ ᤔᤠᤀᤡᤛᤠ ᤗᤡᤶᤒᤢ ᤏᤠᤊᤠᤛᤡ ᤂᤡᤂᤡᤂᤠ ᤃᤠᤛᤡ ᤔᤠᤀᤡᤛᤠ ᤂᤡᤂᤡᤂᤠ ᤃᤠᤛᤡ ᤔᤠᤀᤡᤛᤠ ᤗᤡᤶᤒᤢ ᤏᤠᤊᤠᤛᤡ ᤂᤡᤂᤡᤂᤠ ᤃᤠᤛᤡ ᤔᤠᤀᤡᤛᤠ () ᤂᤡᤂᤡᤂᤠ ᤃᤠᤛᤡ ᤔᤠᤀᤡᤛᤠ? ᤂᤡᤂᤡᤂᤠ ᤃᤠᤛᤡ ᤔᤠᤀᤡᤛᤠ ᤗᤡᤶᤒᤢ ᤏᤠᤊᤠᤛᤡ ᤂᤡᤂᤡᤂᤠ ᤃᤠᤛᤡ ᤔᤠᤀᤡᤛᤠ**

मुख्य संयोजक: कमल जङ लिम्बू 'हुनुलुङ', सह संयोजक: विष्णु माया लिम्बू, सम्पादक: सुशिला तुम्बापो, नयाँ नेपाल, गोरखापत्र संस्थान, धर्मपथ, काठमाडौं email: tumyahanga@gmail.com
